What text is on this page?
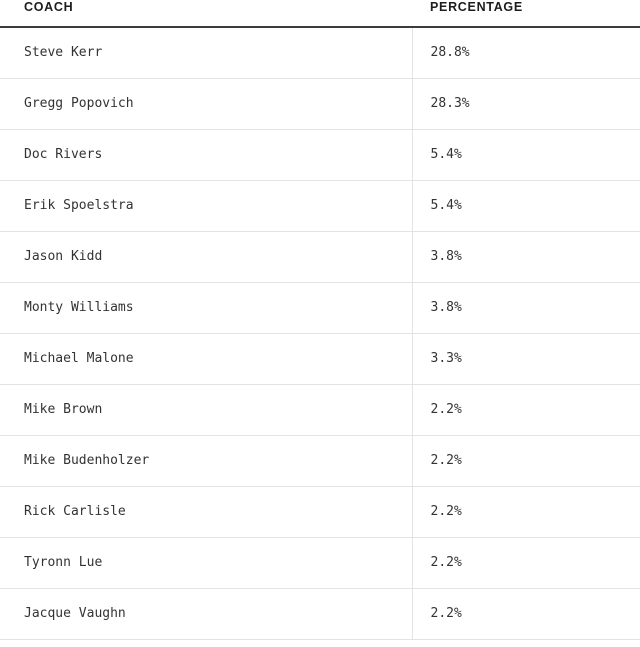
COACH	PERCENTAGE
Steve Kerr	28.8%
Gregg Popovich	28.3%
Doc Rivers	5.4%
Erik Spoelstra	5.4%
Jason Kidd	3.8%
Monty Williams	3.8%
Michael Malone	3.3%
Mike Brown	2.2%
Mike Budenholzer	2.2%
Rick Carlisle	2.2%
Tyronn Lue	2.2%
Jacque Vaughn	2.2%
